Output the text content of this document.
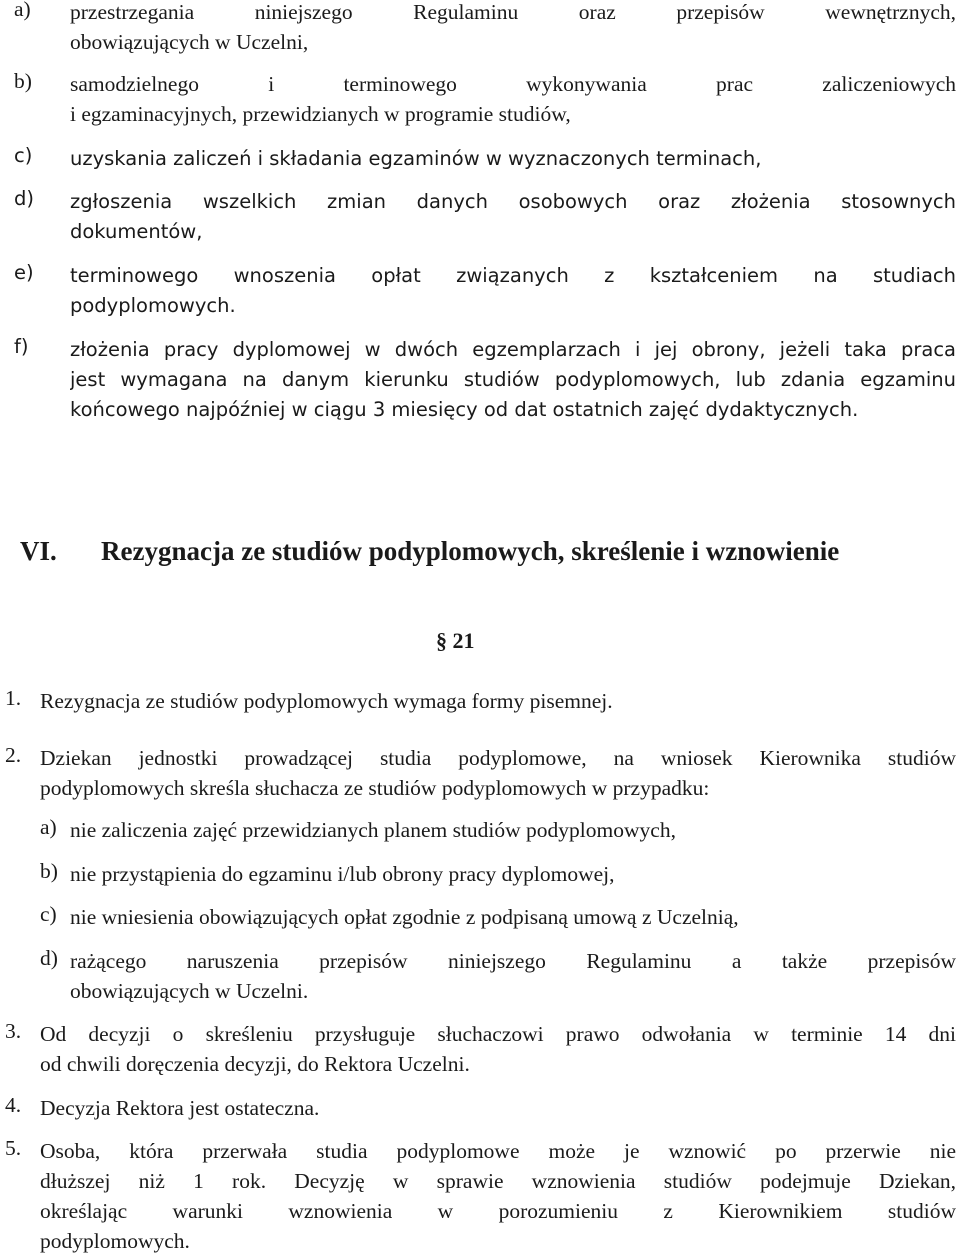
a) przestrzegania niniejszego Regulaminu oraz przepisów wewnętrznych,
obowiązujących w Uczelni,
b) samodzielnego i terminowego wykonywania prac zaliczeniowych
i egzaminacyjnych, przewidzianych w programie studiów,
c) uzyskania zaliczeń i składania egzaminów w wyznaczonych terminach,
d) zgłoszenia wszelkich zmian danych osobowych oraz złożenia stosownych
dokumentów,
e) terminowego wnoszenia opłat związanych z kształceniem na studiach
podyplomowych.
f) złożenia pracy dyplomowej w dwóch egzemplarzach i jej obrony, jeżeli taka praca
jest wymagana na danym kierunku studiów podyplomowych, lub zdania egzaminu
końcowego najpóźniej w ciągu 3 miesięcy od dat ostatnich zajęć dydaktycznych.
VI. Rezygnacja ze studiów podyplomowych, skreślenie i wznowienie
§ 21
1. Rezygnacja ze studiów podyplomowych wymaga formy pisemnej.
2. Dziekan jednostki prowadzącej studia podyplomowe, na wniosek Kierownika studiów
podyplomowych skreśla słuchacza ze studiów podyplomowych w przypadku:
a) nie zaliczenia zajęć przewidzianych planem studiów podyplomowych,
b) nie przystąpienia do egzaminu i/lub obrony pracy dyplomowej,
c) nie wniesienia obowiązujących opłat zgodnie z podpisaną umową z Uczelnią,
d) rażącego naruszenia przepisów niniejszego Regulaminu a także przepisów
obowiązujących w Uczelni.
3. Od decyzji o skreśleniu przysługuje słuchaczowi prawo odwołania w terminie 14 dni
od chwili doręczenia decyzji, do Rektora Uczelni.
4. Decyzja Rektora jest ostateczna.
5. Osoba, która przerwała studia podyplomowe może je wznowić po przerwie nie
dłuższej niż 1 rok. Decyzję w sprawie wznowienia studiów podejmuje Dziekan,
określając warunki wznowienia w porozumieniu z Kierownikiem studiów
podyplomowych.
